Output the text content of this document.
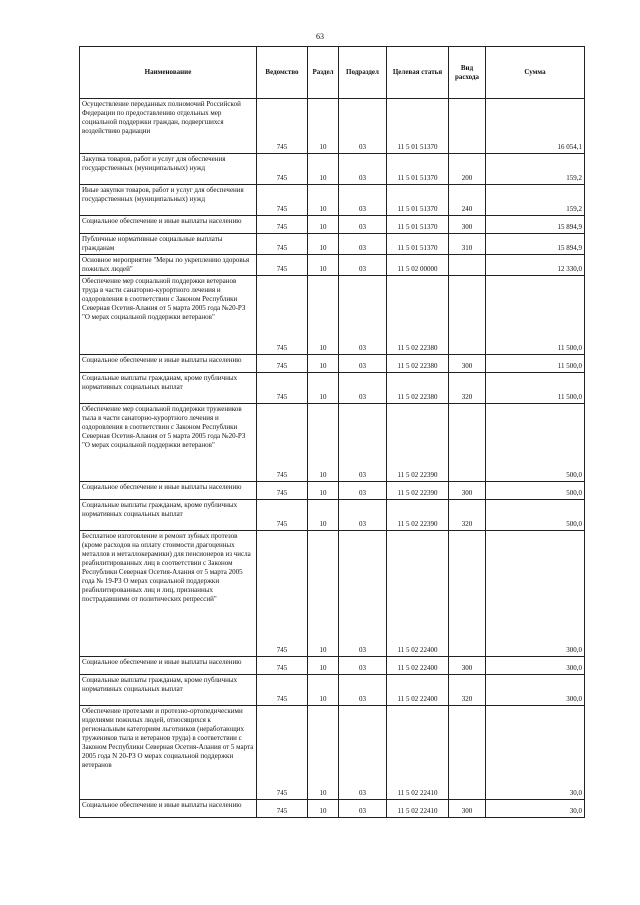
63
Наименование	Ведомство	Раздел	Подраздел	Целевая статья	Вид расхода	Сумма
Осуществление переданных полномочий Российской Федерации по предоставлению отдельных мер социальной поддержки граждан, подвергшихся воздействию радиации	745	10	03	11 5 01 51370		16 054,1
Закупка товаров, работ и услуг для обеспечения государственных (муниципальных) нужд	745	10	03	11 5 01 51370	200	159,2
Иные закупки товаров, работ и услуг для обеспечения государственных (муниципальных) нужд	745	10	03	11 5 01 51370	240	159,2
Социальное обеспечение и иные выплаты населению	745	10	03	11 5 01 51370	300	15 894,9
Публичные нормативные социальные выплаты гражданам	745	10	03	11 5 01 51370	310	15 894,9
Основное мероприятие "Меры по укреплению здоровья пожилых людей"	745	10	03	11 5 02 00000		12 330,0
Обеспечение мер социальной поддержки ветеранов труда в части санаторно-курортного лечения и оздоровления в соответствии с Законом Республики Северная Осетия-Алания от 5 марта 2005 года №20-РЗ "О мерах социальной поддержки ветеранов"	745	10	03	11 5 02 22380		11 500,0
Социальное обеспечение и иные выплаты населению	745	10	03	11 5 02 22380	300	11 500,0
Социальные выплаты гражданам, кроме публичных нормативных социальных выплат	745	10	03	11 5 02 22380	320	11 500,0
Обеспечение мер социальной поддержки тружеников тыла в части санаторно-курортного лечения и оздоровления в соответствии с Законом Республики Северная Осетия-Алания от 5 марта 2005 года №20-РЗ "О мерах социальной поддержки ветеранов"	745	10	03	11 5 02 22390		500,0
Социальное обеспечение и иные выплаты населению	745	10	03	11 5 02 22390	300	500,0
Социальные выплаты гражданам, кроме публичных нормативных социальных выплат	745	10	03	11 5 02 22390	320	500,0
Бесплатное изготовление и ремонт зубных протезов (кроме расходов на оплату стоимости драгоценных металлов и металлокерамики) для пенсионеров из числа реабилитированных лиц в соответствии с Законом Республики Северная Осетия-Алания от 5 марта 2005 года № 19-РЗ О мерах социальной поддержки реабилитированных лиц и лиц, признанных пострадавшими от политических репрессий"	745	10	03	11 5 02 22400		300,0
Социальное обеспечение и иные выплаты населению	745	10	03	11 5 02 22400	300	300,0
Социальные выплаты гражданам, кроме публичных нормативных социальных выплат	745	10	03	11 5 02 22400	320	300,0
Обеспечение протезами и протезно-ортопедическими изделиями пожилых людей, относящихся к региональным категориям льготников (неработающих тружеников тыла и ветеранов труда) в соответствии с Законом Республики Северная Осетия-Алания от 5 марта 2005 года N 20-РЗ О мерах социальной поддержки ветеранов	745	10	03	11 5 02 22410		30,0
Социальное обеспечение и иные выплаты населению	745	10	03	11 5 02 22410	300	30,0
